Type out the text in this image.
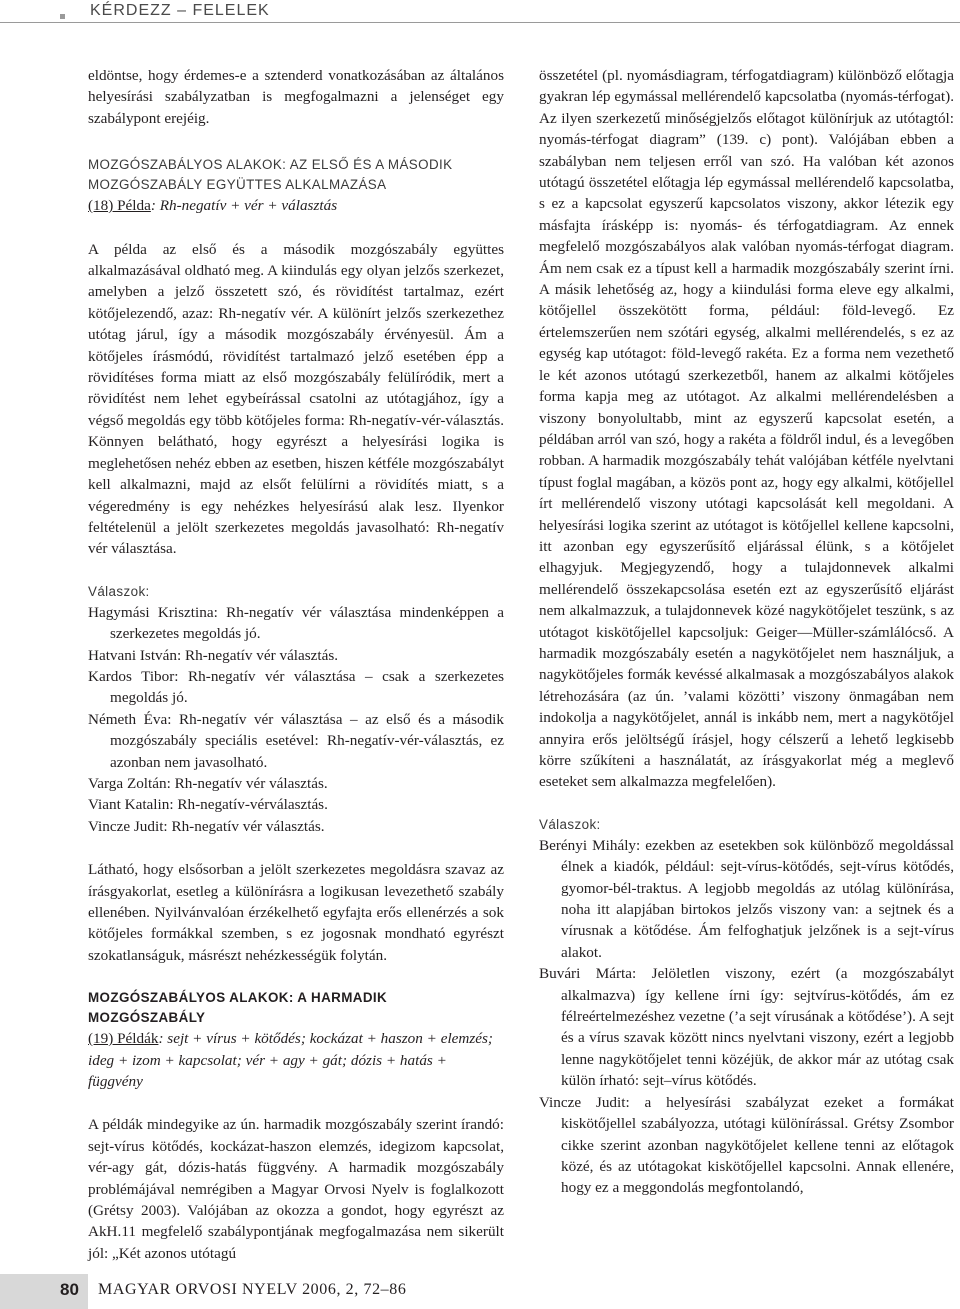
KÉRDEZZ – FELELEK

eldöntse, hogy érdemes-e a sztenderd vonatkozásában az általános helyesírási szabályzatban is megfogalmazni a jelenséget egy szabálypont erejéig.

MOZGÓSZABÁLYOS ALAKOK: AZ ELSŐ ÉS A MÁSODIK MOZGÓSZABÁLY EGYÜTTES ALKALMAZÁSA

(18) Példa: Rh-negatív + vér + választás

A példa az első és a második mozgószabály együttes alkalmazásával oldható meg. A kiindulás egy olyan jelzős szerkezet, amelyben a jelző összetett szó, és rövidítést tartalmaz, ezért kötőjelezendő, azaz: Rh-negatív vér. A különírt jelzős szerkezethez utótag járul, így a második mozgószabály érvényesül. Ám a kötőjeles írásmódú, rövidítést tartalmazó jelző esetében épp a rövidítéses forma miatt az első mozgószabály felülíródik, mert a rövidítést nem lehet egybeírással csatolni az utótagjához, így a végső megoldás egy több kötőjeles forma: Rh-negatív-vér-választás. Könnyen belátható, hogy egyrészt a helyesírási logika is meglehetősen nehéz ebben az esetben, hiszen kétféle mozgószabályt kell alkalmazni, majd az elsőt felülírni a rövidítés miatt, s a végeredmény is egy nehézkes helyesírású alak lesz. Ilyenkor feltételenül a jelölt szerkezetes megoldás javasolható: Rh-negatív vér választása.

Válaszok:

Hagymási Krisztina: Rh-negatív vér választása mindenképpen a szerkezetes megoldás jó.

Hatvani István: Rh-negatív vér választás.

Kardos Tibor: Rh-negatív vér választása – csak a szerkezetes megoldás jó.

Németh Éva: Rh-negatív vér választása – az első és a második mozgószabály speciális esetével: Rh-negatív-vér-választás, ez azonban nem javasolható.

Varga Zoltán: Rh-negatív vér választás.

Viant Katalin: Rh-negatív-vérválasztás.

Vincze Judit: Rh-negatív vér választás.

Látható, hogy elsősorban a jelölt szerkezetes megoldásra szavaz az írásgyakorlat, esetleg a különírásra a logikusan levezethető szabály ellenében. Nyilvánvalóan érzékelhető egyfajta erős ellenérzés a sok kötőjeles formákkal szemben, s ez jogosnak mondható egyrészt szokatlanságuk, másrészt nehézkességük folytán.

MOZGÓSZABÁLYOS ALAKOK: A HARMADIK MOZGÓSZABÁLY

(19) Példák: sejt + vírus + kötődés; kockázat + haszon + elemzés; ideg + izom + kapcsolat; vér + agy + gát; dózis + hatás + függvény

A példák mindegyike az ún. harmadik mozgószabály szerint írandó: sejt-vírus kötődés, kockázat-haszon elemzés, idegizom kapcsolat, vér-agy gát, dózis-hatás függvény. A harmadik mozgószabály problémájával nemrégiben a Magyar Orvosi Nyelv is foglalkozott (Grétsy 2003). Valójában az okozza a gondot, hogy egyrészt az AkH.11 megfelelő szabálypontjának megfogalmazása nem sikerült jól: „Két azonos utótagú

összetétel (pl. nyomásdiagram, térfogatdiagram) különböző előtagja gyakran lép egymással mellérendelő kapcsolatba (nyomás-térfogat). Az ilyen szerkezetű minőségjelzős előtagot különírjuk az utótagtól: nyomás-térfogat diagram” (139. c) pont). Valójában ebben a szabályban nem teljesen erről van szó. Ha valóban két azonos utótagú összetétel előtagja lép egymással mellérendelő kapcsolatba, s ez a kapcsolat egyszerű kapcsolatos viszony, akkor létezik egy másfajta írásképp is: nyomás- és térfogatdiagram. Az ennek megfelelő mozgószabályos alak valóban nyomás-térfogat diagram. Ám nem csak ez a típust kell a harmadik mozgószabály szerint írni. A másik lehetőség az, hogy a kiindulási forma eleve egy alkalmi, kötőjellel összekötött forma, például: föld-levegő. Ez értelemszerűen nem szótári egység, alkalmi mellérendelés, s ez az egység kap utótagot: föld-levegő rakéta. Ez a forma nem vezethető le két azonos utótagú szerkezetből, hanem az alkalmi kötőjeles forma kapja meg az utótagot. Az alkalmi mellérendelésben a viszony bonyolultabb, mint az egyszerű kapcsolat esetén, a példában arról van szó, hogy a rakéta a földről indul, és a levegőben robban. A harmadik mozgószabály tehát valójában kétféle nyelvtani típust foglal magában, a közös pont az, hogy egy alkalmi, kötőjellel írt mellérendelő viszony utótagi kapcsolását kell megoldani. A helyesírási logika szerint az utótagot is kötőjellel kellene kapcsolni, itt azonban egy egyszerűsítő eljárással élünk, s a kötőjelet elhagyjuk. Megjegyzendő, hogy a tulajdonnevek alkalmi mellérendelő összekapcsolása esetén ezt az egyszerűsítő eljárást nem alkalmazzuk, a tulajdonnevek közé nagykötőjelet teszünk, s az utótagot kiskötőjellel kapcsoljuk: Geiger—Müller-számlálócső. A harmadik mozgószabály esetén a nagykötőjelet nem használjuk, a nagykötőjeles formák kevéssé alkalmasak a mozgószabályos alakok létrehozására (az ún. ’valami közötti’ viszony önmagában nem indokolja a nagykötőjelet, annál is inkább nem, mert a nagykötőjel annyira erős jelöltségű írásjel, hogy célszerű a lehető legkisebb körre szűkíteni a használatát, az írásgyakorlat még a meglevő eseteket sem alkalmazza megfelelően).

Válaszok:

Berényi Mihály: ezekben az esetekben sok különböző megoldással élnek a kiadók, például: sejt-vírus-kötődés, sejt-vírus kötődés, gyomor-bél-traktus. A legjobb megoldás az utólag különírása, noha itt alapjában birtokos jelzős viszony van: a sejtnek és a vírusnak a kötődése. Ám felfoghatjuk jelzőnek is a sejt-vírus alakot.

Buvári Márta: Jelöletlen viszony, ezért (a mozgószabályt alkalmazva) így kellene írni így: sejtvírus-kötődés, ám ez félreértelmezéshez vezetne (’a sejt vírusának a kötődése’). A sejt és a vírus szavak között nincs nyelvtani viszony, ezért a legjobb lenne nagykötőjelet tenni közéjük, de akkor már az utótag csak külön írható: sejt–vírus kötődés.

Vincze Judit: a helyesírási szabályzat ezeket a formákat kiskötőjellel szabályozza, utótagi különírással. Grétsy Zsombor cikke szerint azonban nagykötőjelet kellene tenni az előtagok közé, és az utótagokat kiskötőjellel kapcsolni. Annak ellenére, hogy ez a meggondolás megfontolandó,

80 MAGYAR ORVOSI NYELV 2006, 2, 72–86
